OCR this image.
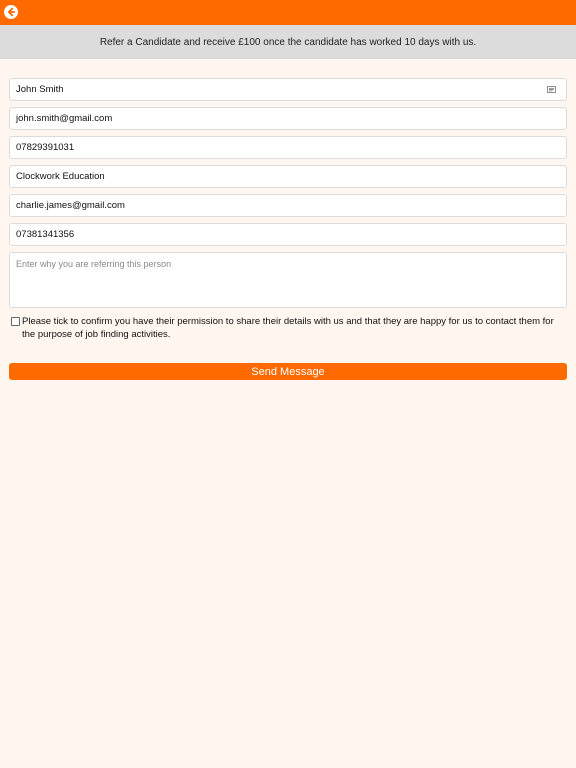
Refer a Candidate and receive £100 once the candidate has worked 10 days with us.
John Smith
john.smith@gmail.com
07829391031
Clockwork Education
charlie.james@gmail.com
07381341356
Enter why you are referring this person
Please tick to confirm you have their permission to share their details with us and that they are happy for us to contact them for the purpose of job finding activities.
Send Message
